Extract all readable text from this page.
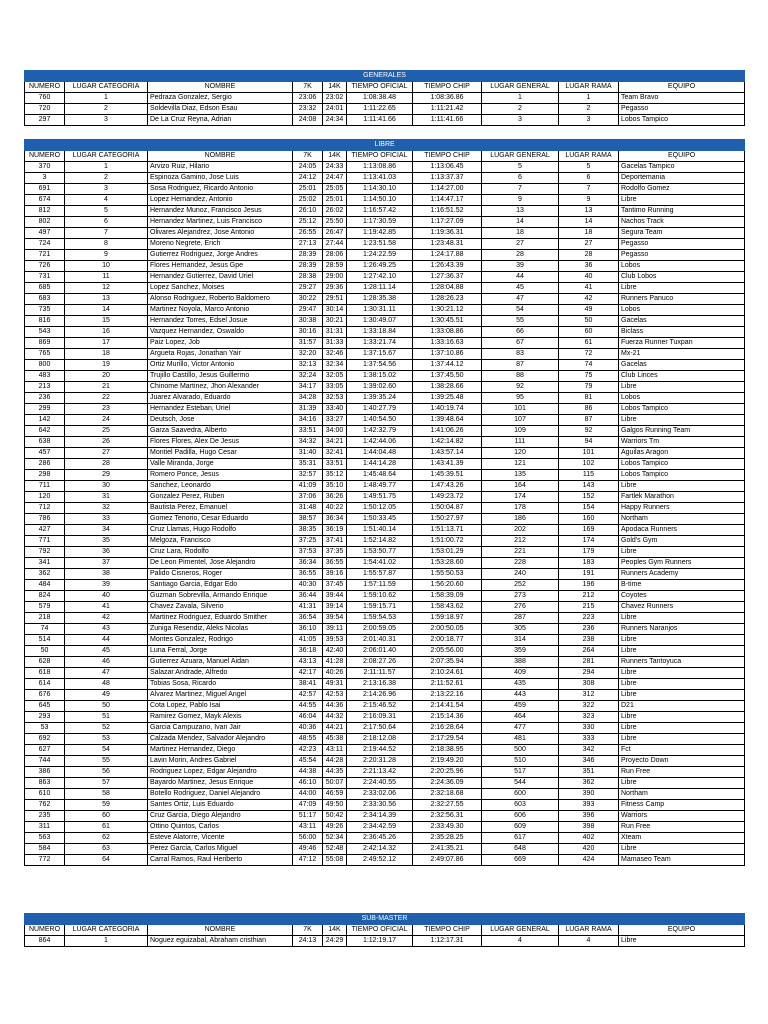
GENERALES									
NUMERO	LUGAR CATEGORIA	NOMBRE	7K	14K	TIEMPO OFICIAL	TIEMPO CHIP	LUGAR GENERAL	LUGAR RAMA	EQUIPO
760	1	Pedraza Gonzalez, Sergio	23:06	23:02	1:08:38.48	1:08:36.86	1	1	Team Bravo
720	2	Soldevilla Diaz, Edson Esau	23:32	24:01	1:11:22.65	1:11:21.42	2	2	Pegasso
297	3	De La Cruz Reyna, Adrian	24:08	24:34	1:11:41.66	1:11:41.66	3	3	Lobos Tampico
LIBRE									
NUMERO	LUGAR CATEGORIA	NOMBRE	7K	14K	TIEMPO OFICIAL	TIEMPO CHIP	LUGAR GENERAL	LUGAR RAMA	EQUIPO
370	1	Arvizo Ruiz, Hilario	24:05	24:33	1:13:08.86	1:13:06.45	5	5	Gacelas Tampico
3	2	Espinoza Gamino, Jose Luis	24:12	24:47	1:13:41.03	1:13:37.37	6	6	Deportemania
691	3	Sosa Rodriguez, Ricardo Antonio	25:01	25:05	1:14:30.10	1:14:27.00	7	7	Rodolfo Gomez
674	4	Lopez Hernandez, Antonio	25:02	25:01	1:14:50.10	1:14:47.17	9	9	Libre
812	5	Hernandez Munoz, Francisco Jesus	26:10	26:02	1:16:57.42	1:16:51.52	13	13	Tantimo Running
802	6	Hernandez Martinez, Luis Francisco	25:12	25:50	1:17:30.59	1:17:27.09	14	14	Nachos Track
497	7	Olivares Alejandrez, Jose Antonio	26:55	26:47	1:19:42.85	1:19:36.31	18	18	Segura Team
724	8	Moreno Negrete, Erich	27:13	27:44	1:23:51.58	1:23:48.31	27	27	Pegasso
721	9	Gutierrez Rodriguez, Jorge Andres	28:39	28:06	1:24:22.59	1:24:17.88	28	28	Pegasso
726	10	Flores Hernandez, Jesus Gpe	28:39	28:59	1:26:49.25	1:26:43.39	39	36	Lobos
731	11	Hernandez Gutierrez, David Uriel	28:38	29:00	1:27:42.10	1:27:36.37	44	40	Club Lobos
685	12	Lopez Sanchez, Moises	29:27	29:36	1:28:11.14	1:28:04.88	45	41	Libre
683	13	Alonso Rodriguez, Roberto Baldomero	30:22	29:51	1:28:35.38	1:28:26.23	47	42	Runners Panuco
735	14	Martinez Noyola, Marco Antonio	29:47	30:14	1:30:31.11	1:30:21.12	54	49	Lobos
816	15	Hernandez Torres, Edsel Josue	30:38	30:21	1:30:49.07	1:30:45.51	55	50	Gacelas
543	16	Vazquez Hernandez, Oswaldo	30:16	31:31	1:33:18.84	1:33:08.86	66	60	Biclass
869	17	Paiz Lopez, Job	31:57	31:33	1:33:21.74	1:33:16.63	67	61	Fuerza Runner Tuxpan
765	18	Argueta Rojas, Jonathan Yair	32:20	32:46	1:37:15.67	1:37:10.86	83	72	Mx-21
800	19	Ortiz Murillo, Victor Antonio	32:13	32:34	1:37:54.56	1:37:44.12	87	74	Gacelas
483	20	Trujillo Castillo, Jesus Guillermo	32:24	32:05	1:38:15.02	1:37:45.50	88	75	Club Linces
213	21	Chinome Martinez, Jhon Alexander	34:17	33:05	1:39:02.60	1:38:28.66	92	79	Libre
236	22	Juarez Alvarado, Eduardo	34:28	32:53	1:39:35.24	1:39:25.48	95	81	Lobos
299	23	Hernandez Esteban, Uriel	31:39	33:40	1:40:27.79	1:40:19.74	101	86	Lobos Tampico
142	24	Deutsch, Jose	34:16	33:27	1:40:54.50	1:39:48.64	107	87	Libre
642	25	Garza Saavedra, Alberto	33:51	34:00	1:42:32.79	1:41:06.26	109	92	Galgos Running Team
638	26	Flores Flores, Alex De Jesus	34:32	34:21	1:42:44.06	1:42:14.82	111	94	Warriors Tm
457	27	Montiel Padilla, Hugo Cesar	31:40	32:41	1:44:04.48	1:43:57.14	120	101	Aguilas Aragon
286	28	Valle Miranda, Jorge	35:31	33:51	1:44:14.28	1:43:41.39	121	102	Lobos Tampico
298	29	Romero Ponce, Jesus	32:57	35:12	1:45:48.64	1:45:39.51	135	115	Lobos Tampico
711	30	Sanchez, Leonardo	41:09	35:10	1:48:49.77	1:47:43.26	164	143	Libre
120	31	Gonzalez Perez, Ruben	37:06	36:26	1:49:51.75	1:49:23.72	174	152	Fartlek Marathon
712	32	Bautista Perez, Emanuel	31:48	40:22	1:50:12.05	1:50:04.87	178	154	Happy Runners
786	33	Gomez Tenorio, Cesar Eduardo	38:57	36:34	1:50:33.45	1:50:27.97	186	160	Northam
427	34	Cruz Llamas, Hugo Rodolfo	38:35	36:19	1:51:40.14	1:51:13.71	202	169	Apodaca Runners
771	35	Melgoza, Francisco	37:25	37:41	1:52:14.82	1:51:00.72	212	174	Gold's Gym
792	36	Cruz Lara, Rodolfo	37:53	37:35	1:53:50.77	1:53:01.29	221	179	Libre
341	37	De Leon Pimentel, Jose Alejandro	36:34	36:55	1:54:41.02	1:53:28.60	228	183	Peoples Gym Runners
362	38	Palido Cisneros, Roger	36:55	39:16	1:55:57.87	1:55:50.53	240	191	Runners Academy
484	39	Santiago Garcia, Edgar Edo	40:30	37:45	1:57:11.59	1:56:20.60	252	196	B-time
824	40	Guzman Sobrevilla, Armando Enrique	36:44	39:44	1:59:10.62	1:58:39.09	273	212	Coyotes
579	41	Chavez Zavala, Silverio	41:31	39:14	1:59:15.71	1:58:43.62	276	215	Chavez Runners
218	42	Martinez Rodriguez, Eduardo Smither	36:54	39:54	1:59:54.53	1:59:18.97	287	223	Libre
74	43	Zuniga Resendiz, Aleks Nicolas	36:10	39:11	2:00:59.05	2:00:50.05	305	236	Runners Naranjos
514	44	Montes Gonzalez, Rodrigo	41:05	39:53	2:01:40.31	2:00:18.77	314	238	Libre
50	45	Luna Ferral, Jorge	36:18	42:40	2:06:01.40	2:05:56.00	359	264	Libre
628	46	Gutierrez Azuara, Manuel Aidan	43:13	41:28	2:08:27.26	2:07:35.94	388	281	Runners Tantoyuca
618	47	Salazar Andrade, Alfredo	42:17	40:26	2:11:11.57	2:10:24.61	409	294	Libre
614	48	Tobias Sosa, Ricardo	38:41	49:31	2:13:16.38	2:11:52.61	435	308	Libre
676	49	Alvarez Martinez, Miguel Angel	42:57	42:53	2:14:26.96	2:13:22.16	443	312	Libre
645	50	Cota Lopez, Pablo Isai	44:55	44:36	2:15:46.52	2:14:41.54	459	322	D21
293	51	Ramirez Gomez, Mayk Alexis	46:04	44:32	2:16:09.31	2:15:14.36	464	323	Libre
53	52	Garcia Campuzano, Ivan Jair	40:36	44:21	2:17:50.64	2:16:28.64	477	330	Libre
692	53	Calzada Mendez, Salvador Alejandro	48:55	45:38	2:18:12.08	2:17:29.54	481	333	Libre
627	54	Martinez Hernandez, Diego	42:23	43:11	2:19:44.52	2:18:38.95	500	342	Fct
744	55	Lavin Morin, Andres Gabriel	45:54	44:28	2:20:31.28	2:19:49.20	510	346	Proyecto Down
386	56	Rodriguez Lopez, Edgar Alejandro	44:38	44:35	2:21:13.42	2:20:25.96	517	351	Run Free
863	57	Bayardo Martinez, Jesus Enrique	46:10	50:07	2:24:40.55	2:24:36.09	544	362	Libre
610	58	Botello Rodriguez, Daniel Alejandro	44:00	46:59	2:33:02.06	2:32:18.68	600	390	Northam
762	59	Santes Ortiz, Luis Eduardo	47:09	49:50	2:33:30.56	2:32:27.55	603	393	Fitness Camp
235	60	Cruz Garcia, Diego Alejandro	51:17	50:42	2:34:14.39	2:32:56.31	606	396	Warriors
311	61	Ottino Quintos, Carlos	43:11	49:26	2:34:42.59	2:33:49.30	609	398	Run Free
563	62	Esteve Alatorre, Vicente	56:00	52:34	2:36:45.26	2:35:28.25	617	402	Xteam
584	63	Perez Garcia, Carlos Miguel	49:46	52:48	2:42:14.32	2:41:35.21	648	420	Libre
772	64	Carral Ramos, Raul Heriberto	47:12	55:08	2:49:52.12	2:49:07.86	669	424	Mamaseo Team
SUB-MASTER									
NUMERO	LUGAR CATEGORIA	NOMBRE	7K	14K	TIEMPO OFICIAL	TIEMPO CHIP	LUGAR GENERAL	LUGAR RAMA	EQUIPO
864	1	Noguez eguizabal, Abraham cristhian	24:13	24:29	1:12:19.17	1:12:17.31	4	4	Libre
